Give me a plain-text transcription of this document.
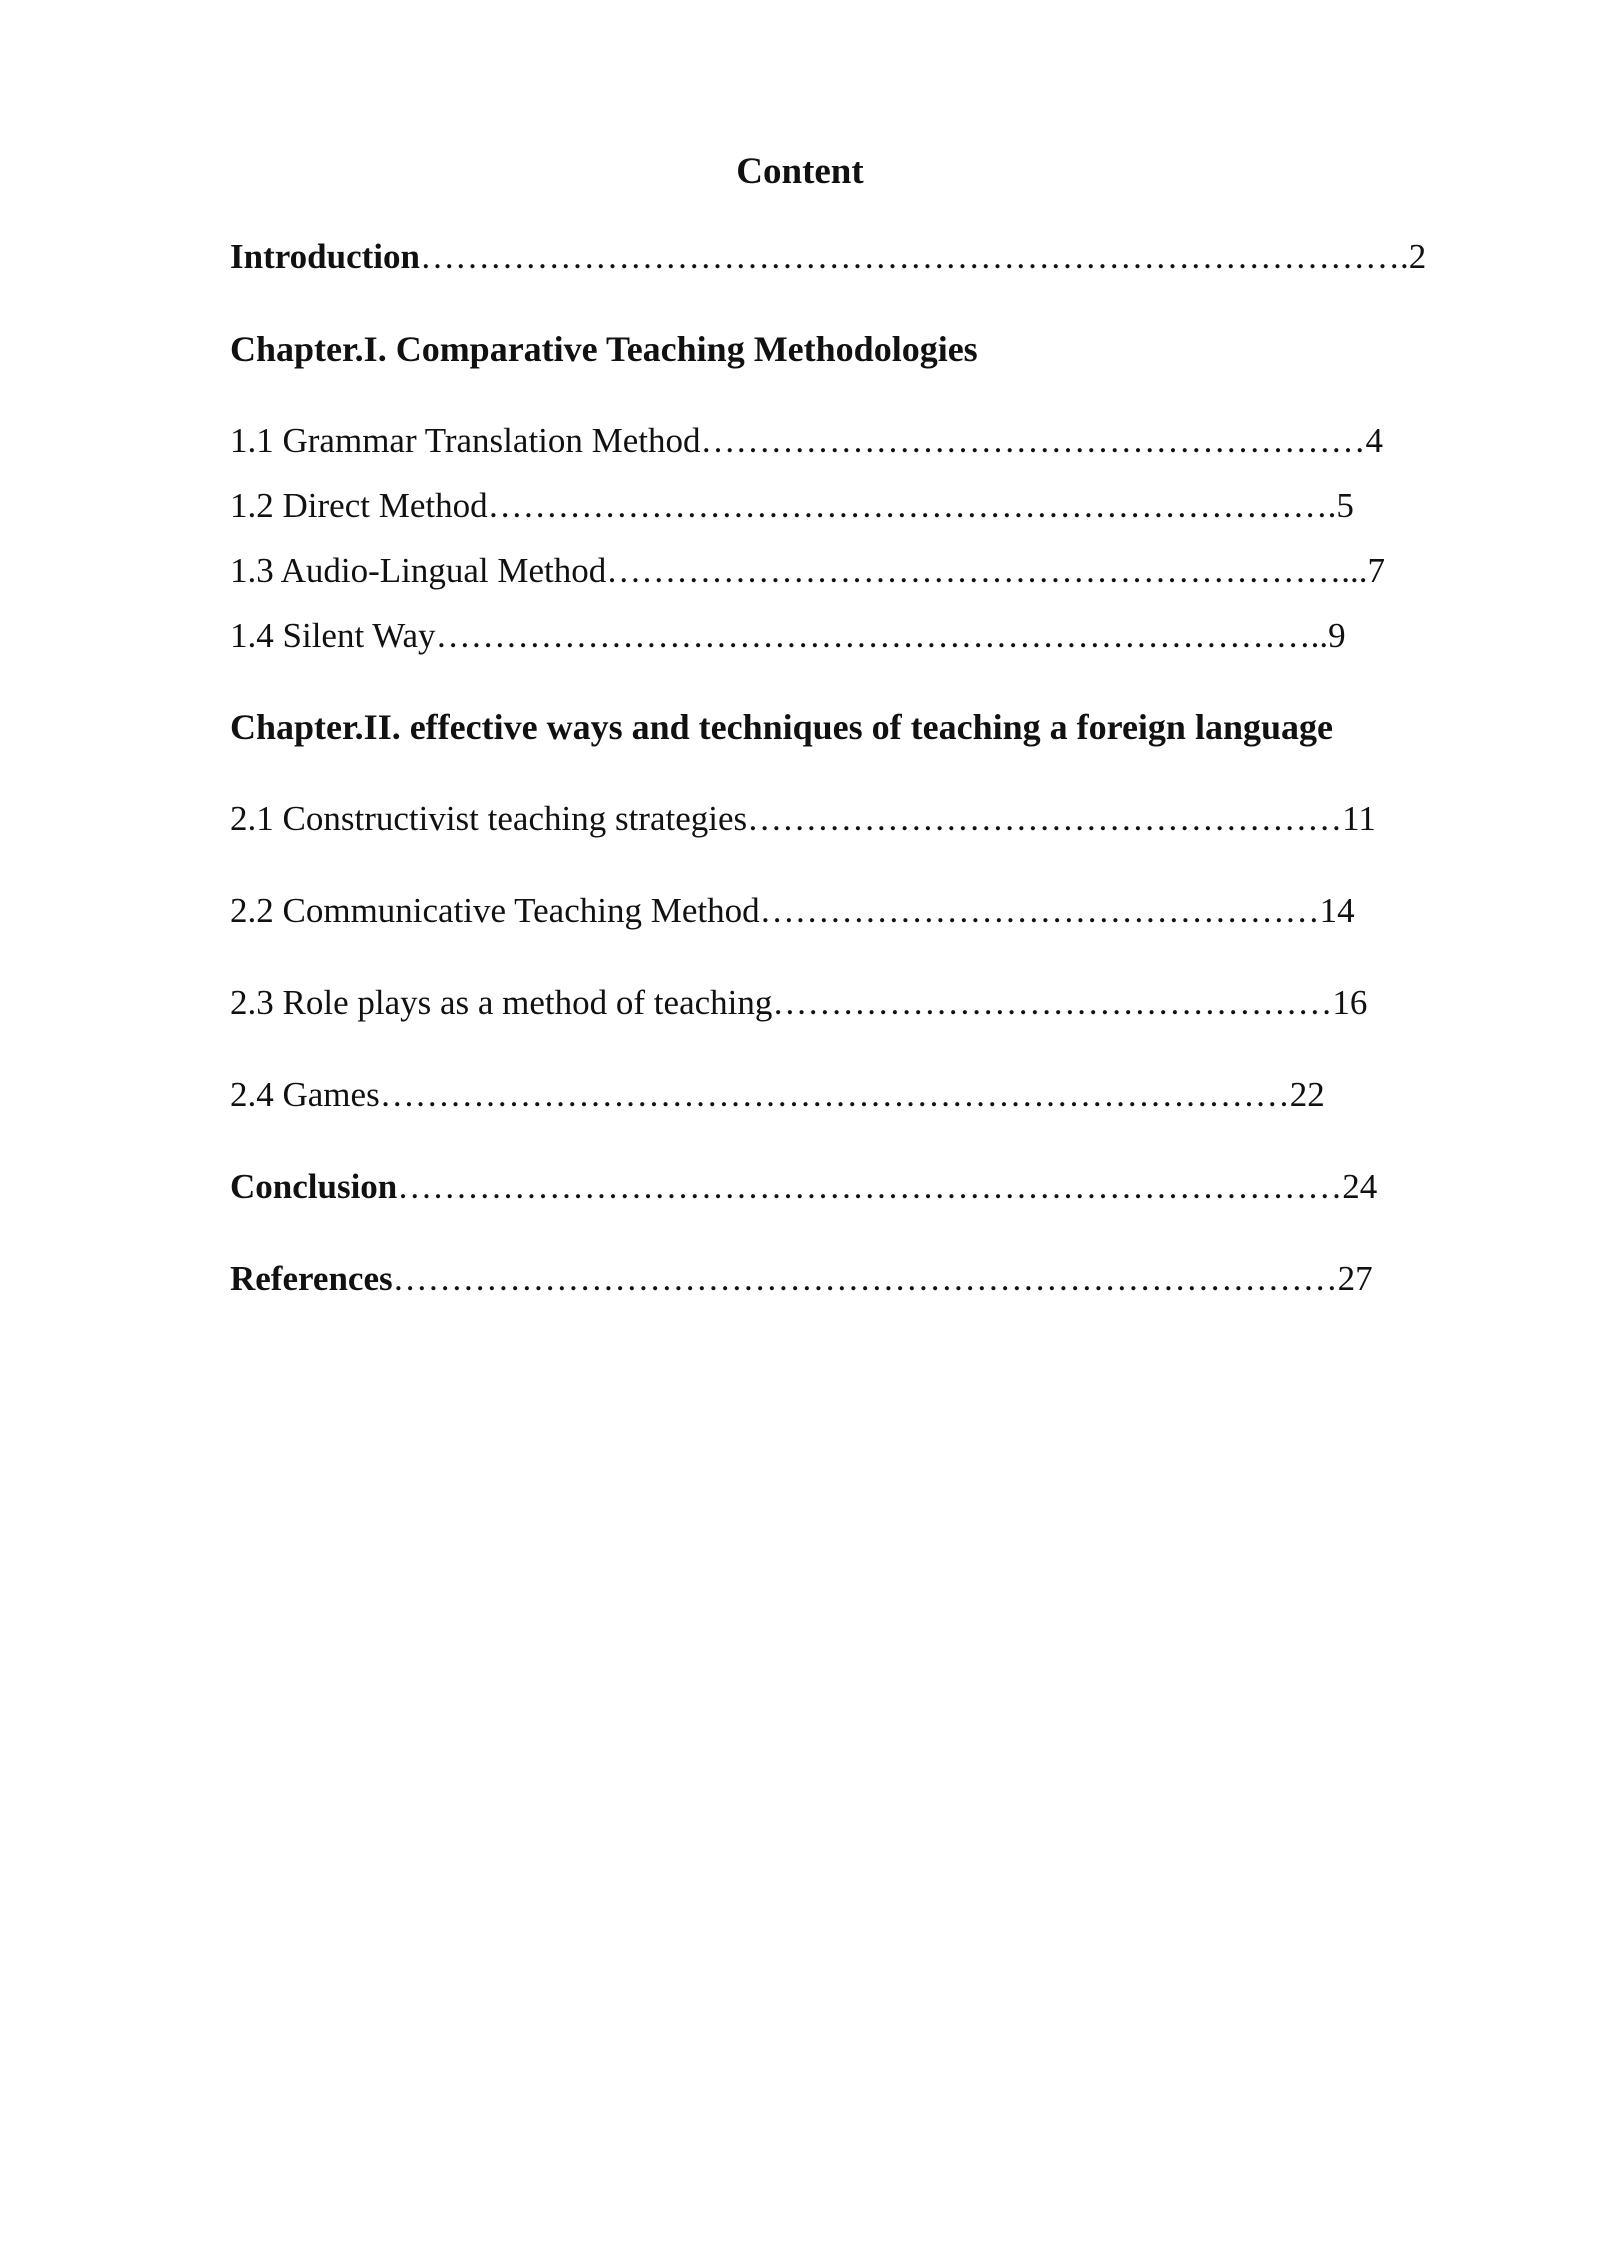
Content

Introduction………………………………………………………………………….2

Chapter.I. Comparative Teaching Methodologies

1.1 Grammar Translation Method…………………………………………………4

1.2 Direct Method……………………………………………………………….5

1.3 Audio-Lingual Method………………………………………………………...7

1.4 Silent Way…………………………………………………………………..9

Chapter.II. effective ways and techniques of teaching a foreign language

2.1 Constructivist teaching strategies……………………………………………11

2.2 Communicative Teaching Method…………………………………………14

2.3 Role plays as a method of teaching…………………………………………16

2.4 Games……………………………………………………………………22

Conclusion………………………………………………………………………24

References………………………………………………………………………27
